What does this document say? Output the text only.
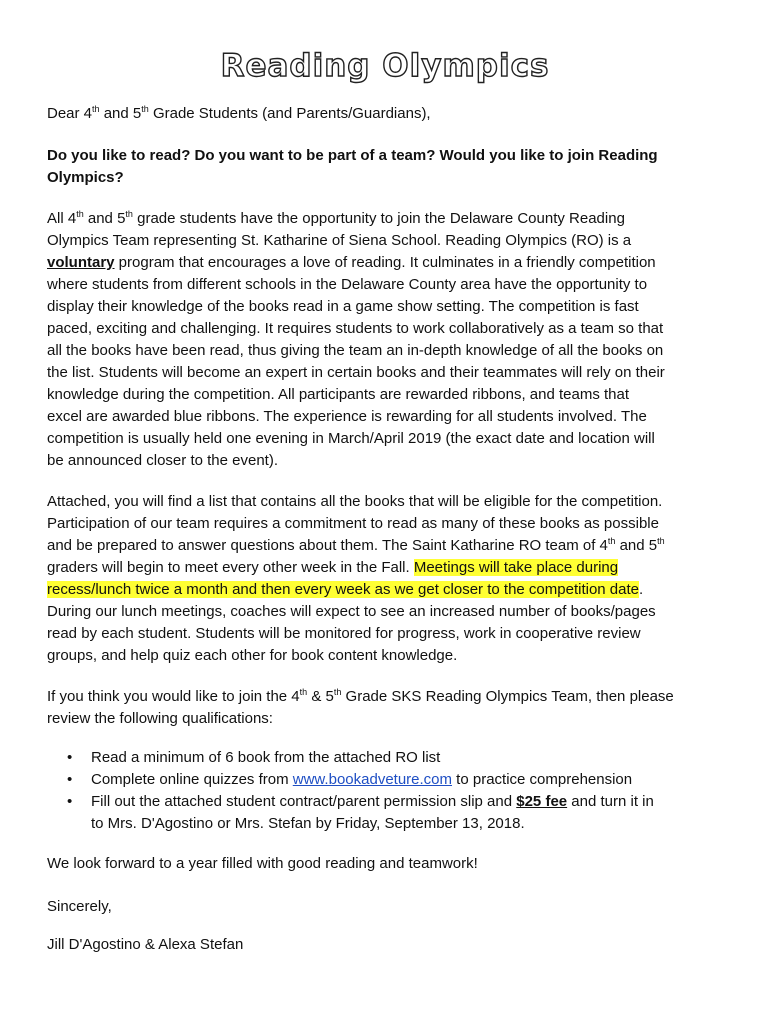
Reading Olympics

Dear 4th and 5th Grade Students (and Parents/Guardians),

Do you like to read? Do you want to be part of a team? Would you like to join Reading
Olympics?

All 4th and 5th grade students have the opportunity to join the Delaware County Reading
Olympics Team representing St. Katharine of Siena School. Reading Olympics (RO) is a
voluntary program that encourages a love of reading. It culminates in a friendly competition
where students from different schools in the Delaware County area have the opportunity to
display their knowledge of the books read in a game show setting. The competition is fast
paced, exciting and challenging. It requires students to work collaboratively as a team so that
all the books have been read, thus giving the team an in-depth knowledge of all the books on
the list. Students will become an expert in certain books and their teammates will rely on their
knowledge during the competition. All participants are rewarded ribbons, and teams that
excel are awarded blue ribbons. The experience is rewarding for all students involved. The
competition is usually held one evening in March/April 2019 (the exact date and location will
be announced closer to the event).

Attached, you will find a list that contains all the books that will be eligible for the competition.
Participation of our team requires a commitment to read as many of these books as possible
and be prepared to answer questions about them. The Saint Katharine RO team of 4th and 5th
graders will begin to meet every other week in the Fall. Meetings will take place during
recess/lunch twice a month and then every week as we get closer to the competition date.
During our lunch meetings, coaches will expect to see an increased number of books/pages
read by each student. Students will be monitored for progress, work in cooperative review
groups, and help quiz each other for book content knowledge.

If you think you would like to join the 4th & 5th Grade SKS Reading Olympics Team, then please
review the following qualifications:

• Read a minimum of 6 book from the attached RO list
• Complete online quizzes from www.bookadveture.com to practice comprehension
• Fill out the attached student contract/parent permission slip and $25 fee and turn it in
to Mrs. D'Agostino or Mrs. Stefan by Friday, September 13, 2018.

We look forward to a year filled with good reading and teamwork!

Sincerely,

Jill D'Agostino & Alexa Stefan
